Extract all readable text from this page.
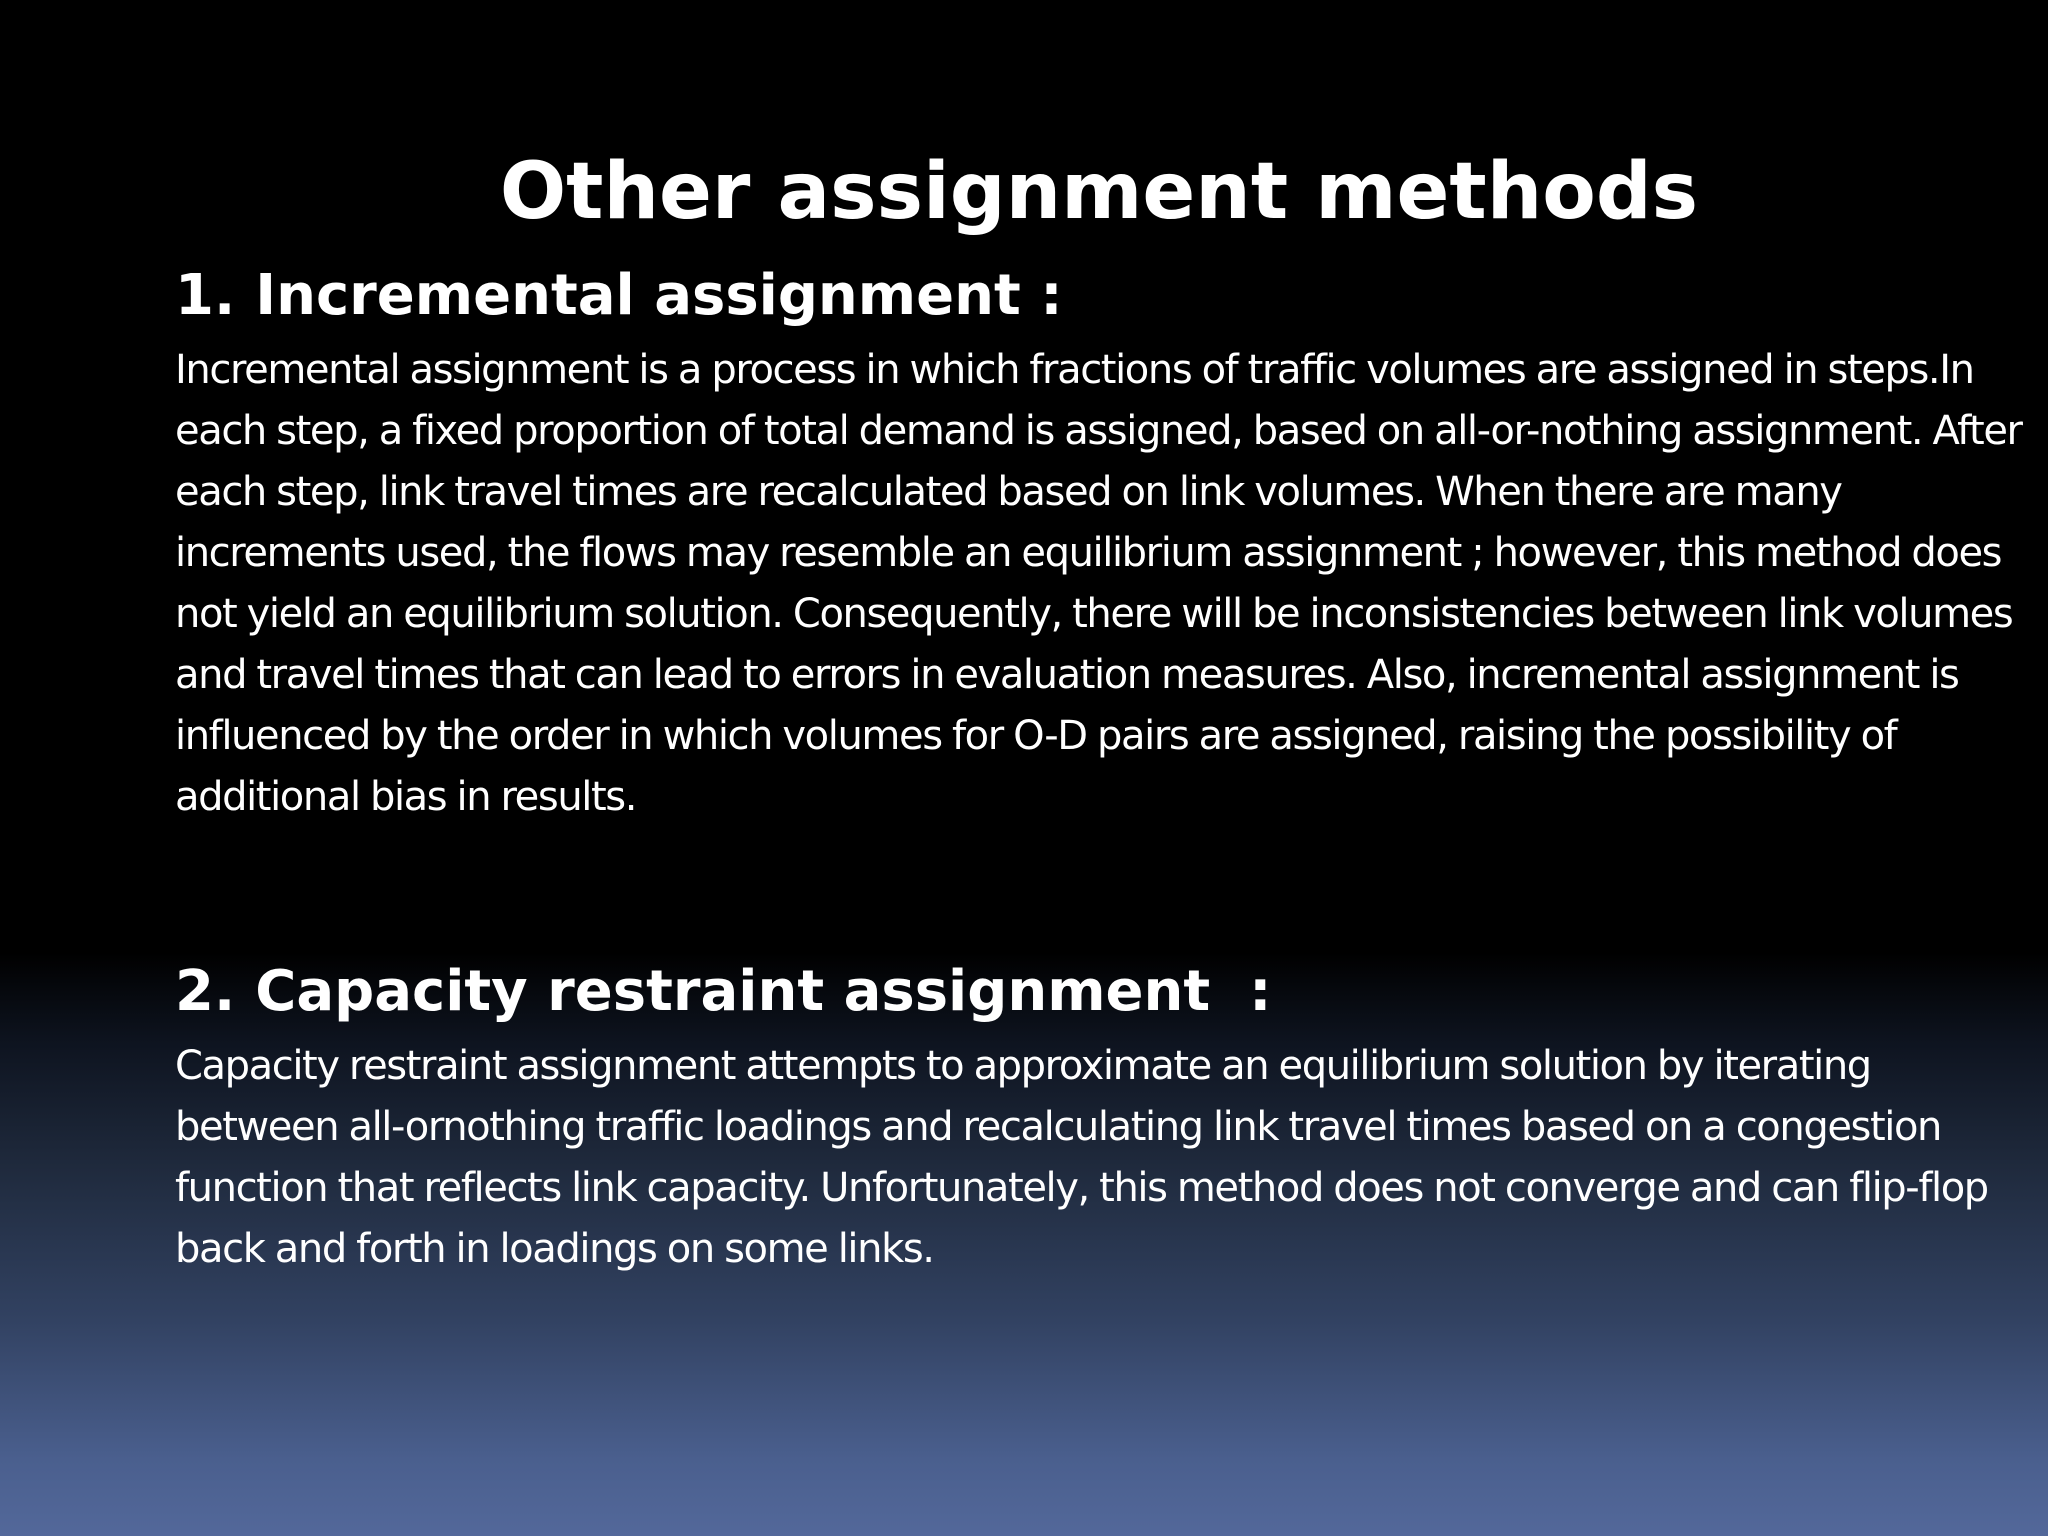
Other assignment methods
1. Incremental assignment :

Incremental assignment is a process in which fractions of traffic volumes are assigned in steps.In each step, a fixed proportion of total demand is assigned, based on all-or-nothing assignment. After each step, link travel times are recalculated based on link volumes. When there are many increments used, the flows may resemble an equilibrium assignment ; however, this method does not yield an equilibrium solution. Consequently, there will be inconsistencies between link volumes and travel times that can lead to errors in evaluation measures. Also, incremental assignment is influenced by the order in which volumes for O-D pairs are assigned, raising the possibility of additional bias in results.

2. Capacity restraint assignment  :

Capacity restraint assignment attempts to approximate an equilibrium solution by iterating between all-ornothing traffic loadings and recalculating link travel times based on a congestion function that reflects link capacity. Unfortunately, this method does not converge and can flip-flop back and forth in loadings on some links.
